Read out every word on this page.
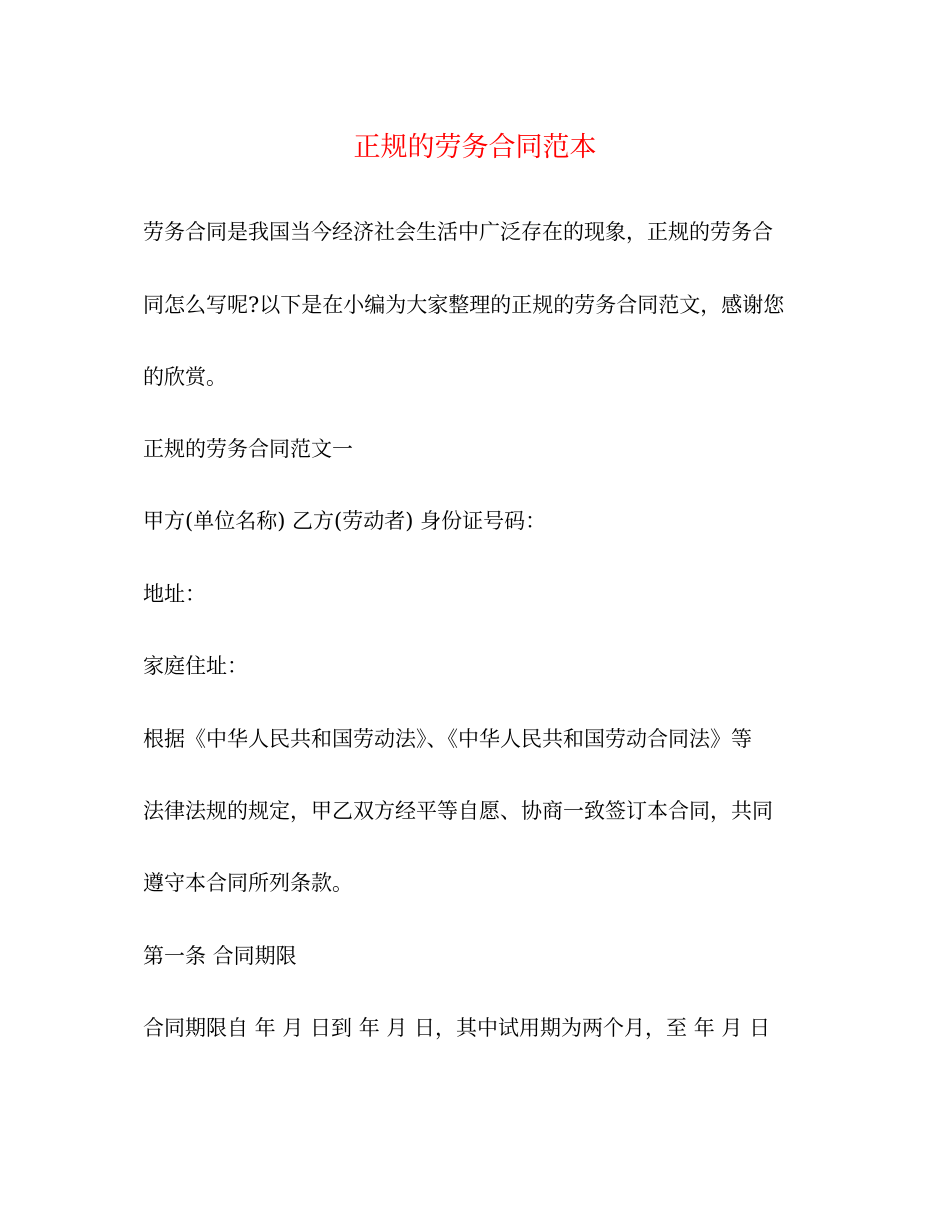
正规的劳务合同范本

劳务合同是我国当今经济社会生活中广泛存在的现象，正规的劳务合

同怎么写呢?以下是在小编为大家整理的正规的劳务合同范文，感谢您

的欣赏。

正规的劳务合同范文一

甲方(单位名称) 乙方(劳动者) 身份证号码：

地址：

家庭住址：

根据《中华人民共和国劳动法》、《中华人民共和国劳动合同法》等

法律法规的规定，甲乙双方经平等自愿、协商一致签订本合同，共同

遵守本合同所列条款。

第一条 合同期限

合同期限自 年 月 日到 年 月 日，其中试用期为两个月，至 年 月 日
